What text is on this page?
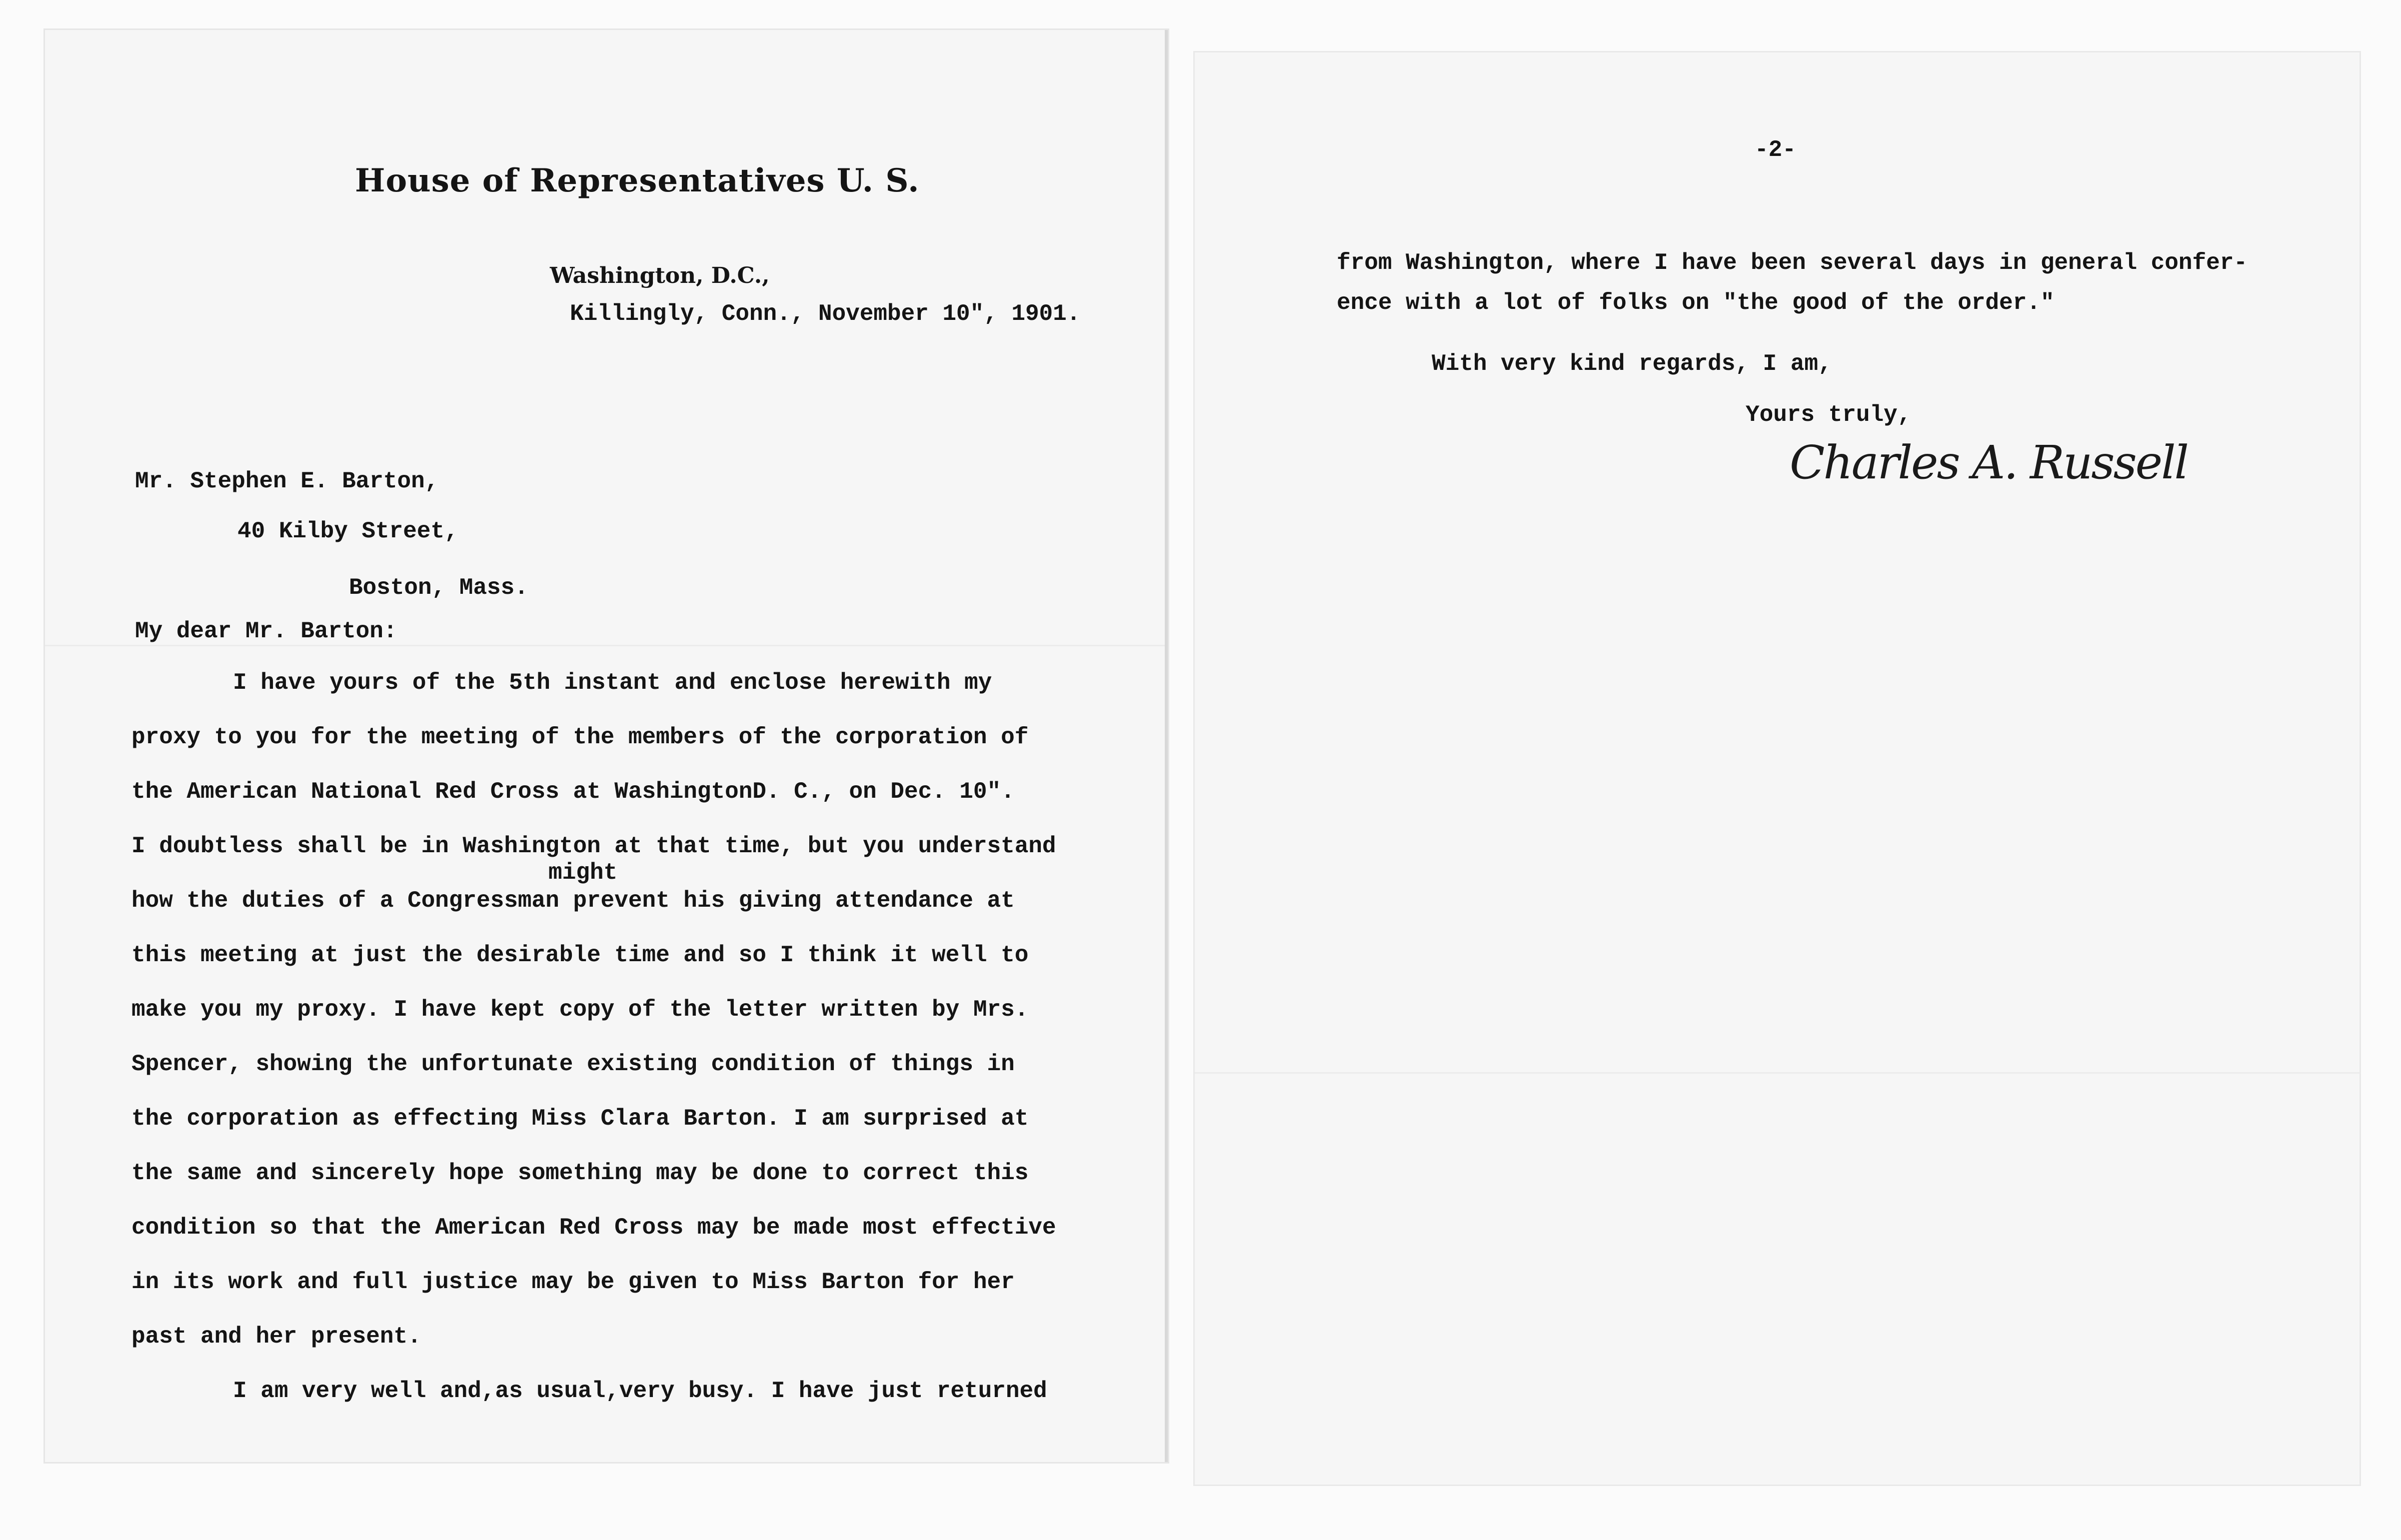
House of Representatives U. S.
Washington, D.C.,
Killingly, Conn., November 10", 1901.
Mr. Stephen E. Barton,
40 Kilby Street,
Boston, Mass.
My dear Mr. Barton:
might
I have yours of the 5th instant and enclose herewith my
proxy to you for the meeting of the members of the corporation of
the American National Red Cross at WashingtonD. C., on Dec. 10".
I doubtless shall be in Washington at that time, but you understand
how the duties of a Congressman prevent his giving attendance at
this meeting at just the desirable time and so I think it well to
make you my proxy. I have kept copy of the letter written by Mrs.
Spencer, showing the unfortunate existing condition of things in
the corporation as effecting Miss Clara Barton. I am surprised at
the same and sincerely hope something may be done to correct this
condition so that the American Red Cross may be made most effective
in its work and full justice may be given to Miss Barton for her
past and her present.
I am very well and,as usual,very busy. I have just returned
-2-
from Washington, where I have been several days in general confer-
ence with a lot of folks on "the good of the order."
With very kind regards, I am,
Yours truly,
Charles A. Russell
